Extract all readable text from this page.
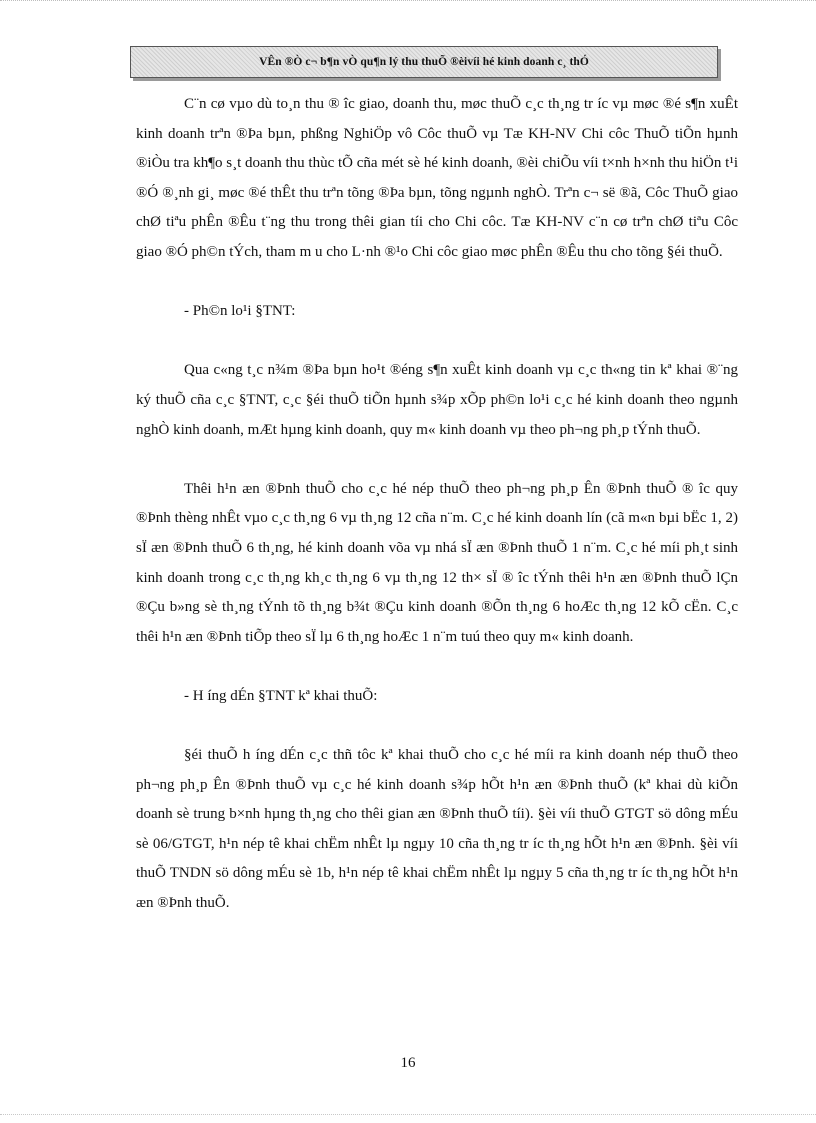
VÊn ®Ò c¬ b¶n vÒ qu¶n lý thu thuÕ ®èivíi hé kinh doanh c¸ thÓ

C¨n cø vµo dù to¸n thu ® îc giao, doanh thu, møc thuÕ c¸c th¸ng tr íc vµ møc ®é s¶n xuÊt kinh doanh trªn ®Þa bµn, phßng NghiÖp vô Côc thuÕ vµ Tæ KH-NV Chi côc ThuÕ tiÕn hµnh ®iÒu tra kh¶o s¸t doanh thu thùc tÕ cña mét sè hé kinh doanh, ®èi chiÕu víi t×nh h×nh thu hiÖn t¹i ®Ó ®¸nh gi¸ møc ®é thÊt thu trªn tõng ®Þa bµn, tõng ngµnh nghÒ. Trªn c¬ së ®ã, Côc ThuÕ giao chØ tiªu phÊn ®Êu t¨ng thu trong thêi gian tíi cho Chi côc. Tæ KH-NV c¨n cø trªn chØ tiªu Côc giao ®Ó ph©n tÝch, tham m u cho L·nh ®¹o Chi côc giao møc phÊn ®Êu thu cho tõng §éi thuÕ.

- Ph©n lo¹i §TNT:

Qua c«ng t¸c n¾m ®Þa bµn ho¹t ®éng s¶n xuÊt kinh doanh vµ c¸c th«ng tin kª khai ®¨ng ký thuÕ cña c¸c §TNT, c¸c §éi thuÕ tiÕn hµnh s¾p xÕp ph©n lo¹i c¸c hé kinh doanh theo ngµnh nghÒ kinh doanh, mÆt hµng kinh doanh, quy m« kinh doanh vµ theo ph¬ng ph¸p tÝnh thuÕ.

Thêi h¹n æn ®Þnh thuÕ cho c¸c hé nép thuÕ theo ph¬ng ph¸p Ên ®Þnh thuÕ ® îc quy ®Þnh thèng nhÊt vµo c¸c th¸ng 6 vµ th¸ng 12 cña n¨m. C¸c hé kinh doanh lín (cã m«n bµi bËc 1, 2) sÏ æn ®Þnh thuÕ 6 th¸ng, hé kinh doanh võa vµ nhá sÏ æn ®Þnh thuÕ 1 n¨m. C¸c hé míi ph¸t sinh kinh doanh trong c¸c th¸ng kh¸c th¸ng 6 vµ th¸ng 12 th× sÏ ® îc tÝnh thêi h¹n æn ®Þnh thuÕ lÇn ®Çu b»ng sè th¸ng tÝnh tõ th¸ng b¾t ®Çu kinh doanh ®Õn th¸ng 6 hoÆc th¸ng 12 kÕ cËn. C¸c thêi h¹n æn ®Þnh tiÕp theo sÏ lµ 6 th¸ng hoÆc 1 n¨m tuú theo quy m« kinh doanh.

- H íng dÉn §TNT kª khai thuÕ:

§éi thuÕ h íng dÉn c¸c thñ tôc kª khai thuÕ cho c¸c hé míi ra kinh doanh nép thuÕ theo ph¬ng ph¸p Ên ®Þnh thuÕ vµ c¸c hé kinh doanh s¾p hÕt h¹n æn ®Þnh thuÕ (kª khai dù kiÕn doanh sè trung b×nh hµng th¸ng cho thêi gian æn ®Þnh thuÕ tíi). §èi víi thuÕ GTGT sö dông mÉu sè 06/GTGT, h¹n nép tê khai chËm nhÊt lµ ngµy 10 cña th¸ng tr íc th¸ng hÕt h¹n æn ®Þnh. §èi víi thuÕ TNDN sö dông mÉu sè 1b, h¹n nép tê khai chËm nhÊt lµ ngµy 5 cña th¸ng tr íc th¸ng hÕt h¹n æn ®Þnh thuÕ.

16
